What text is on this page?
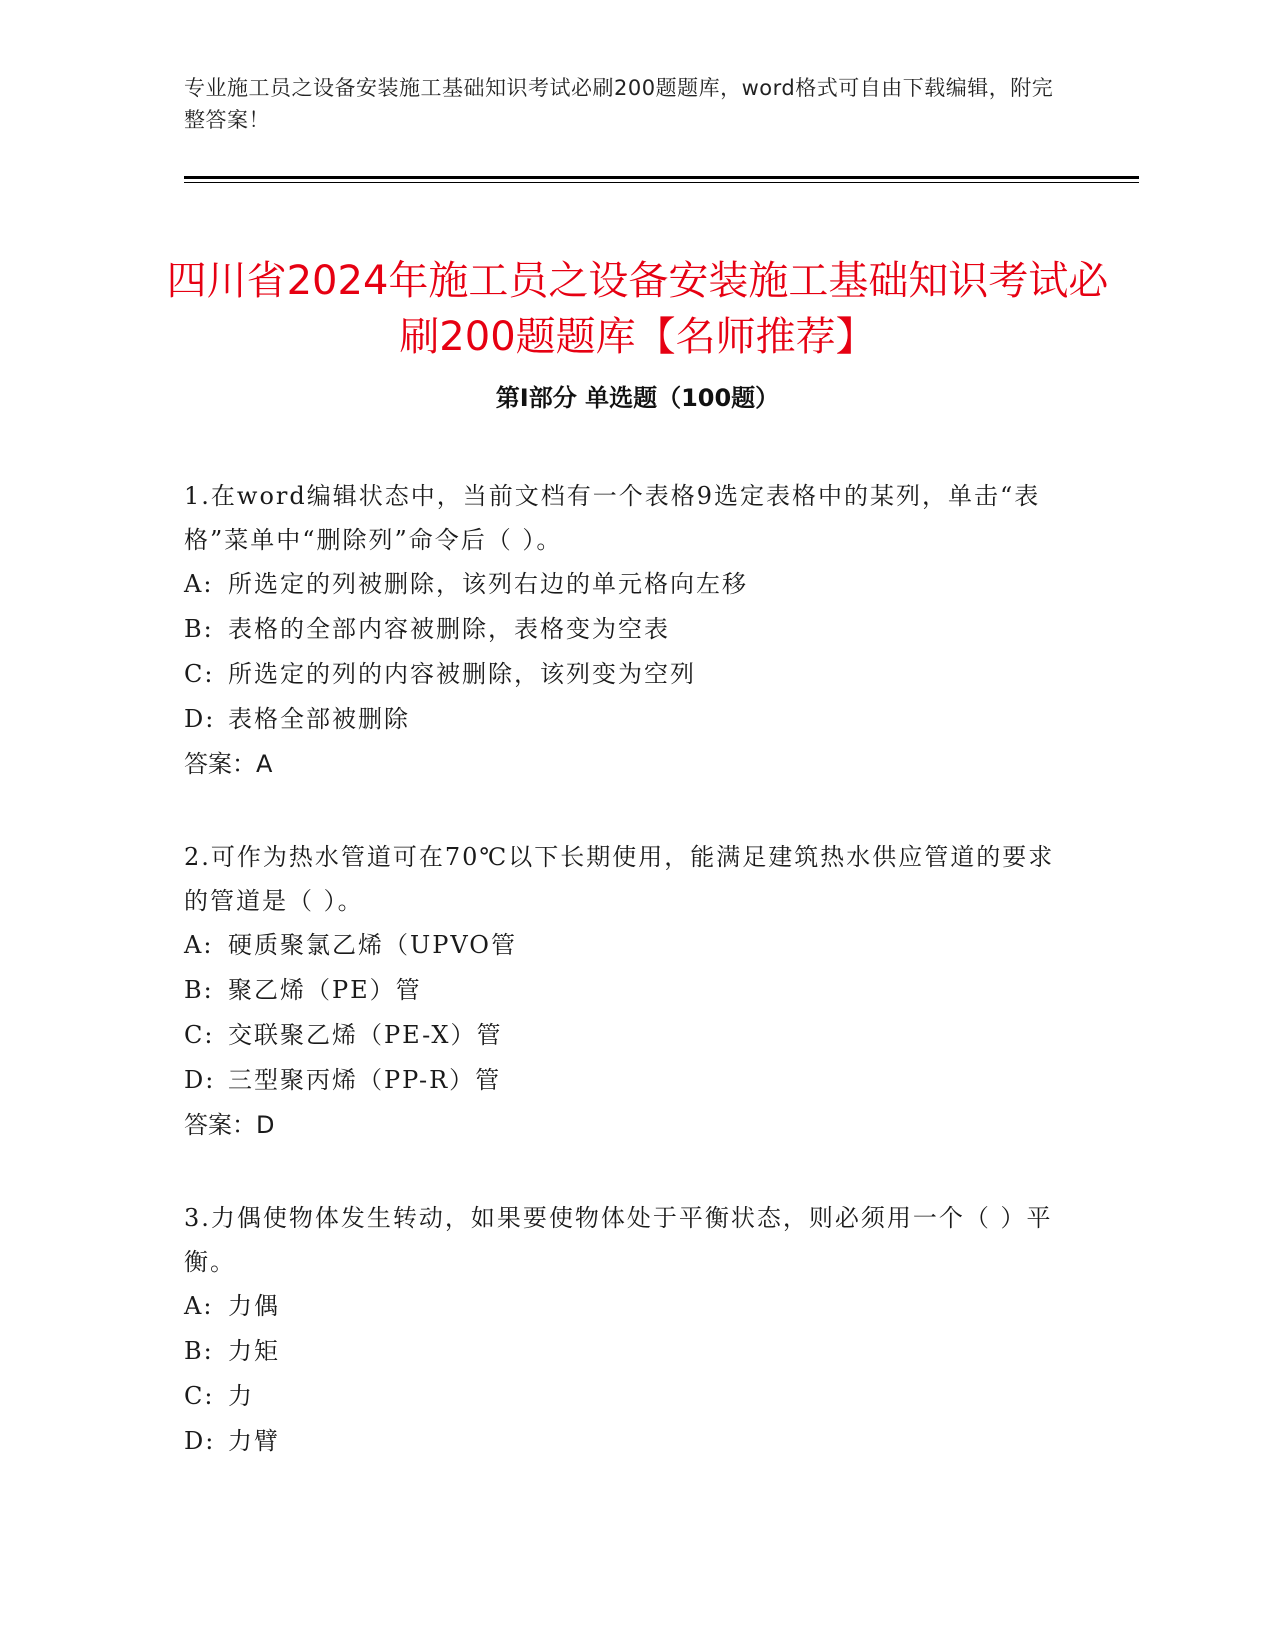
专业施工员之设备安装施工基础知识考试必刷200题题库，word格式可自由下载编辑，附完整答案！
四川省2024年施工员之设备安装施工基础知识考试必刷200题题库【名师推荐】
第Ⅰ部分 单选题（100题）

1.在word编辑状态中，当前文档有一个表格9选定表格中的某列，单击“表格”菜单中“删除列”命令后（ ）。

A: 所选定的列被删除，该列右边的单元格向左移

B: 表格的全部内容被删除，表格变为空表

C: 所选定的列的内容被删除，该列变为空列

D: 表格全部被删除

答案：A

2.可作为热水管道可在70℃以下长期使用，能满足建筑热水供应管道的要求的管道是（ ）。

A: 硬质聚氯乙烯（UPVO管

B: 聚乙烯（PE）管

C: 交联聚乙烯（PE-X）管

D: 三型聚丙烯（PP-R）管

答案：D

3.力偶使物体发生转动，如果要使物体处于平衡状态，则必须用一个（ ）平衡。

A: 力偶

B: 力矩

C: 力

D: 力臂
